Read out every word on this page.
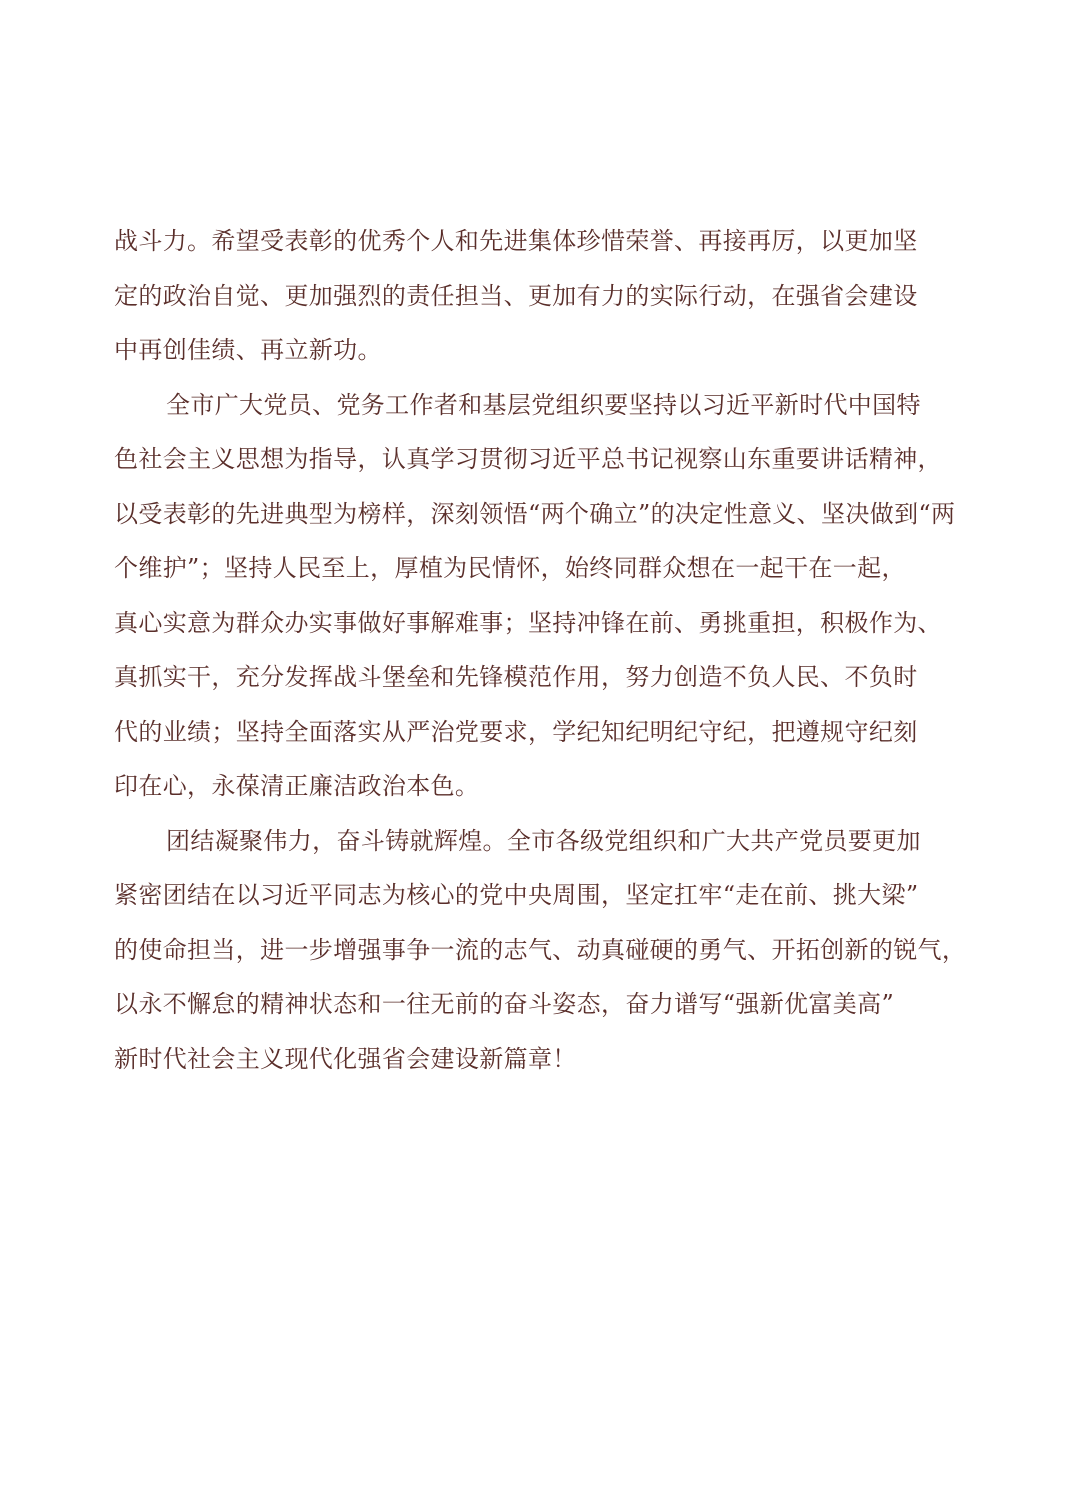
战斗力。希望受表彰的优秀个人和先进集体珍惜荣誉、再接再厉，以更加坚
定的政治自觉、更加强烈的责任担当、更加有力的实际行动，在强省会建设
中再创佳绩、再立新功。
全市广大党员、党务工作者和基层党组织要坚持以习近平新时代中国特
色社会主义思想为指导，认真学习贯彻习近平总书记视察山东重要讲话精神，
以受表彰的先进典型为榜样，深刻领悟“两个确立”的决定性意义、坚决做到“两
个维护”；坚持人民至上，厚植为民情怀，始终同群众想在一起干在一起，
真心实意为群众办实事做好事解难事；坚持冲锋在前、勇挑重担，积极作为、
真抓实干，充分发挥战斗堡垒和先锋模范作用，努力创造不负人民、不负时
代的业绩；坚持全面落实从严治党要求，学纪知纪明纪守纪，把遵规守纪刻
印在心，永葆清正廉洁政治本色。
团结凝聚伟力，奋斗铸就辉煌。全市各级党组织和广大共产党员要更加
紧密团结在以习近平同志为核心的党中央周围，坚定扛牢“走在前、挑大梁”
的使命担当，进一步增强事争一流的志气、动真碰硬的勇气、开拓创新的锐气，
以永不懈怠的精神状态和一往无前的奋斗姿态，奋力谱写“强新优富美高”
新时代社会主义现代化强省会建设新篇章！
